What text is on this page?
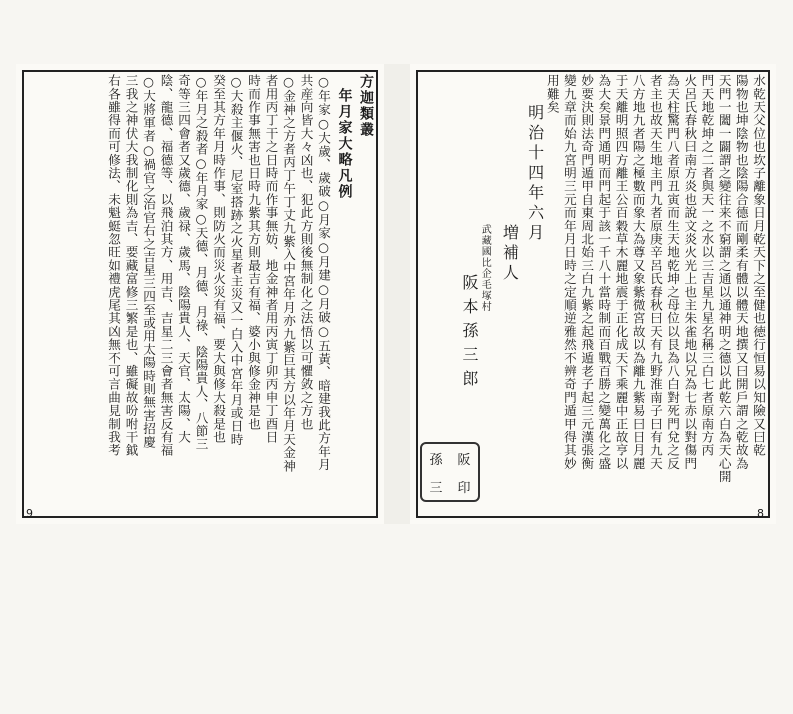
方迦類叢
年月家大略凡例
○年家○大歲、歲破○月家○月建○月破○五黃、暗建我此方年月
共産向皆大々凶也、犯此方則後無制化之法悟以可懼敛之方也
○金神之方者丙丁午丁丈九紫入中宮年月亦九紫巨其方以年月天金神
者用丙丁干之日時而作事無妨、地金神者用丙寅丁卯丙申丁酉日
時而作事無害也日時九紫其方則最吉有福、婆小與修金神是也
○大殺主偃火、尼室搭跡之火星者主災又一白入中宮年月或日時
癸至其方年月時作事、則防火而災火災有福、要大與修大殺是也
○年月之殺者○年月家○天德、月德、月祿、陰陽貴人、八節三
奇等三四會者又歲德、歲禄、歲馬、陰陽貴人、天官、太陽、大
陰、龍德、福德等、以飛泊其方、用吉、吉星二三會者無害反有福
○大將軍者○禍官之治官右之吉星三四至或用太陽時則無害招慶
三我之神伏大我制化則為吉、要藏富修三繁是也、雖礙故吩咐干鉞
右各雖得而可修法、未魁蜓忽旺如禮虎尾其凶無不可言曲見制我考
9
水乾天父位也坎子離象日月乾天下之至健也徳行恒易以知險又曰乾
陽物也坤陰物也陰陽合德而剛柔有體以體天地撰又曰開戶謂之乾故為
天門一闔一闢謂之變往来不窮謂之通以通神明之德以此乾六白為天心開
門天地乾坤之二者與天一之水以三吉星九星名稱三白七者原南方丙
火呂氏春秋曰南方炎也說文炎火光上也主朱雀地以兄為七赤以對傷門
為天柱驚門八者原丑寅而生天地乾坤之母位以艮為八白對死門兌之反
者主也故天生地主門九者原庚辛呂氏春秋曰天有九野淮南子曰有九天
八方地九者陽之極數而象大為尊又象紫微宮故以為離九紫易曰日月麗
于天離明照四方離王公百穀草木麗地震于正化成天下乘麗中正故亨以
為大矣景門通明而門起于該一千八十當時制而百戰百勝之變萬化之盛
妙要決則法奇門遁甲自東周北始三白九紫之起飛遁老子起三元漢張衡
變九章而始九宮明三元而年月日時之定順逆雅然不辨奇門遁甲得其妙
用難矣
明治十四年六月
増補人
武藏國比企毛塚村
阪本孫三郎
孫 阪
三 印
8
